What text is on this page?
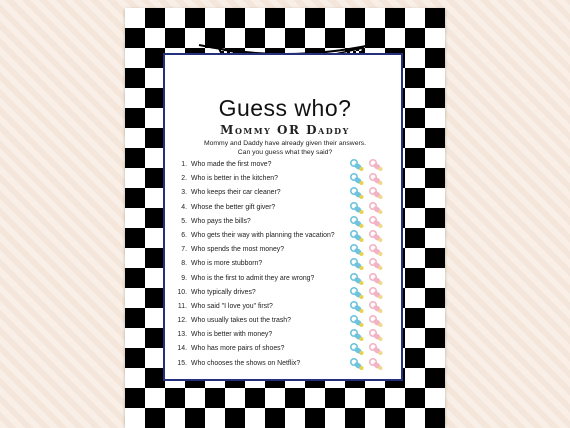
Guess who?
Mommy OR Daddy
Mommy and Daddy have already given their answers.
Can you guess what they said?
1. Who made the first move?
2. Who is better in the kitchen?
3. Who keeps their car cleaner?
4. Whose the better gift giver?
5. Who pays the bills?
6. Who gets their way with planning the vacation?
7. Who spends the most money?
8. Who is more stubborn?
9. Who is the first to admit they are wrong?
10. Who typically drives?
11. Who said "I love you" first?
12. Who usually takes out the trash?
13. Who is better with money?
14. Who has more pairs of shoes?
15. Who chooses the shows on Netflix?
